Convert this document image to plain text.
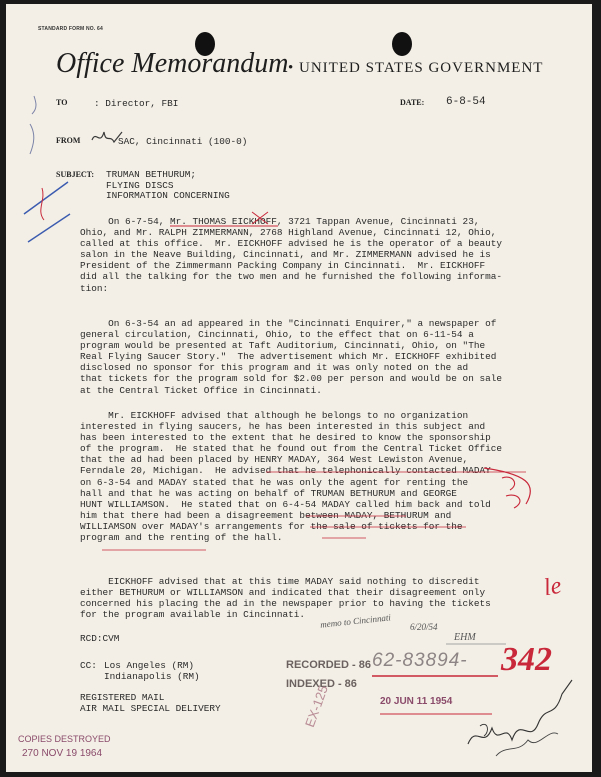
STANDARD FORM NO. 64
Office Memorandum • UNITED STATES GOVERNMENT
TO	: Director, FBI	DATE: 6-8-54
FROM	SAC, Cincinnati (100-0)
SUBJECT: TRUMAN BETHURUM;
FLYING DISCS
INFORMATION CONCERNING
On 6-7-54, Mr. THOMAS EICKHOFF, 3721 Tappan Avenue, Cincinnati 23,
Ohio, and Mr. RALPH ZIMMERMANN, 2768 Highland Avenue, Cincinnati 12, Ohio,
called at this office.  Mr. EICKHOFF advised he is the operator of a beauty
salon in the Neave Building, Cincinnati, and Mr. ZIMMERMANN advised he is
President of the Zimmermann Packing Company in Cincinnati.  Mr. EICKHOFF
did all the talking for the two men and he furnished the following informa-
tion:
On 6-3-54 an ad appeared in the "Cincinnati Enquirer," a newspaper of
general circulation, Cincinnati, Ohio, to the effect that on 6-11-54 a
program would be presented at Taft Auditorium, Cincinnati, Ohio, on "The
Real Flying Saucer Story."  The advertisement which Mr. EICKHOFF exhibited
disclosed no sponsor for this program and it was only noted on the ad
that tickets for the program sold for $2.00 per person and would be on sale
at the Central Ticket Office in Cincinnati.
Mr. EICKHOFF advised that although he belongs to no organization
interested in flying saucers, he has been interested in this subject and
has been interested to the extent that he desired to know the sponsorship
of the program.  He stated that he found out from the Central Ticket Office
that the ad had been placed by HENRY MADAY, 364 West Lewiston Avenue,
Ferndale 20, Michigan.  He advised that he telephonically contacted MADAY
on 6-3-54 and MADAY stated that he was only the agent for renting the
hall and that he was acting on behalf of TRUMAN BETHURUM and GEORGE
HUNT WILLIAMSON.  He stated that on 6-4-54 MADAY called him back and told
him that there had been a disagreement between MADAY, BETHURUM and
WILLIAMSON over MADAY's arrangements for the sale of tickets for the
program and the renting of the hall.
EICKHOFF advised that at this time MADAY said nothing to discredit
either BETHURUM or WILLIAMSON and indicated that their disagreement only
concerned his placing the ad in the newspaper prior to having the tickets
for the program available in Cincinnati.
RCD:CVM
CC: Los Angeles (RM)
Indianapolis (RM)
REGISTERED MAIL
AIR MAIL SPECIAL DELIVERY
RECORDED - 86
INDEXED - 86
62-83894- 342
20 JUN 11 1954
COPIES DESTROYED
270 NOV 19 1964
EX-125
memo to Cincinnati 6/20/54
EHM
le
